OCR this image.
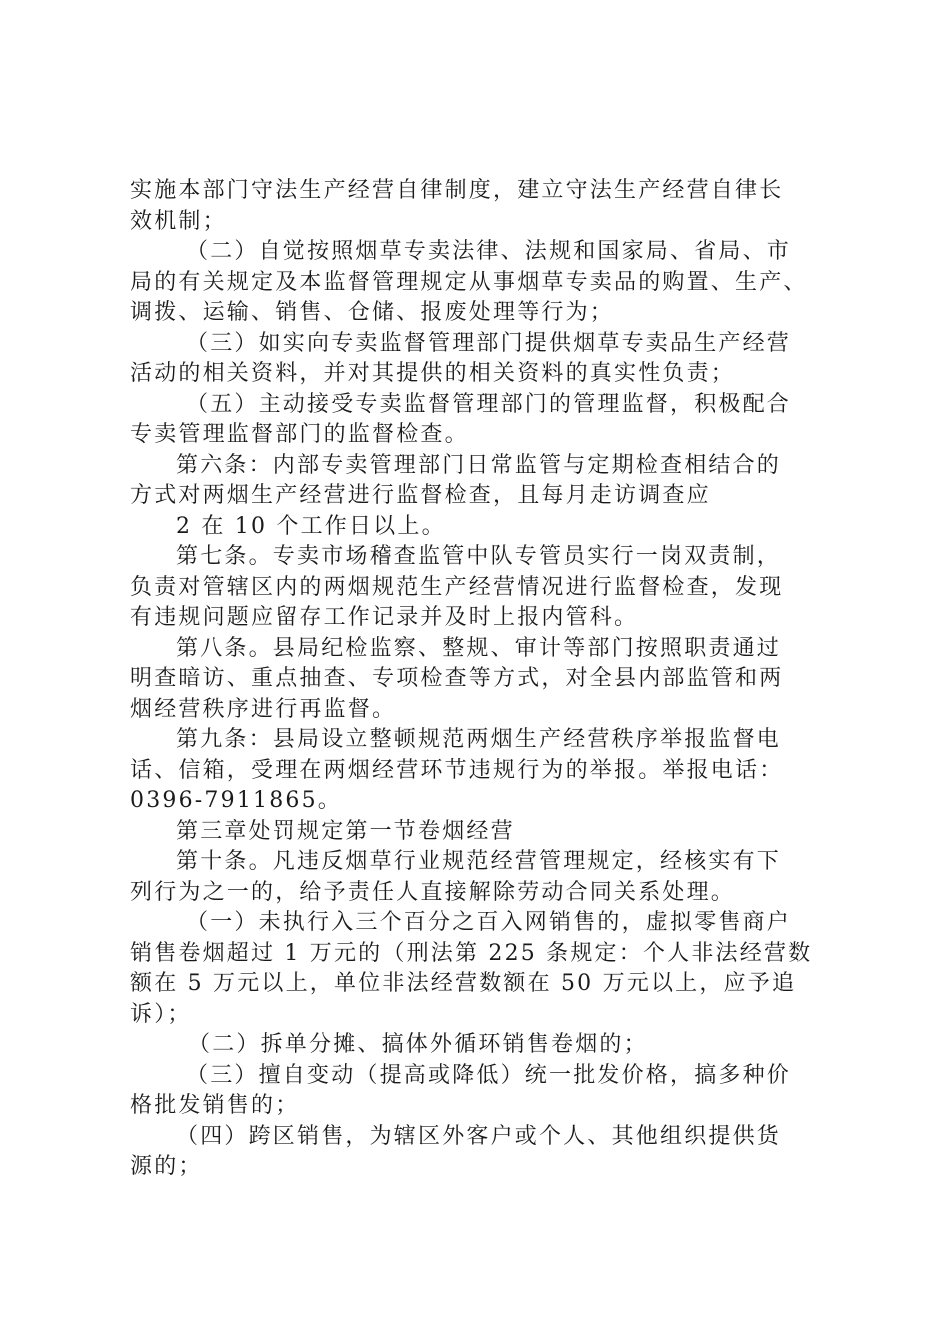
实施本部门守法生产经营自律制度，建立守法生产经营自律长
效机制；
（二）自觉按照烟草专卖法律、法规和国家局、省局、市
局的有关规定及本监督管理规定从事烟草专卖品的购置、生产、
调拨、运输、销售、仓储、报废处理等行为；
（三）如实向专卖监督管理部门提供烟草专卖品生产经营
活动的相关资料，并对其提供的相关资料的真实性负责；
（五）主动接受专卖监督管理部门的管理监督，积极配合
专卖管理监督部门的监督检查。
第六条：内部专卖管理部门日常监管与定期检查相结合的
方式对两烟生产经营进行监督检查，且每月走访调查应
2 在 10 个工作日以上。
第七条。专卖市场稽查监管中队专管员实行一岗双责制，
负责对管辖区内的两烟规范生产经营情况进行监督检查，发现
有违规问题应留存工作记录并及时上报内管科。
第八条。县局纪检监察、整规、审计等部门按照职责通过
明查暗访、重点抽查、专项检查等方式，对全县内部监管和两
烟经营秩序进行再监督。
第九条：县局设立整顿规范两烟生产经营秩序举报监督电
话、信箱，受理在两烟经营环节违规行为的举报。举报电话：
0396-7911865。
第三章处罚规定第一节卷烟经营
第十条。凡违反烟草行业规范经营管理规定，经核实有下
列行为之一的，给予责任人直接解除劳动合同关系处理。
（一）未执行入三个百分之百入网销售的，虚拟零售商户
销售卷烟超过 1 万元的（刑法第 225 条规定：个人非法经营数
额在 5 万元以上，单位非法经营数额在 50 万元以上，应予追
诉）；
（二）拆单分摊、搞体外循环销售卷烟的；
（三）擅自变动（提高或降低）统一批发价格，搞多种价
格批发销售的；
（四）跨区销售，为辖区外客户或个人、其他组织提供货
源的；
